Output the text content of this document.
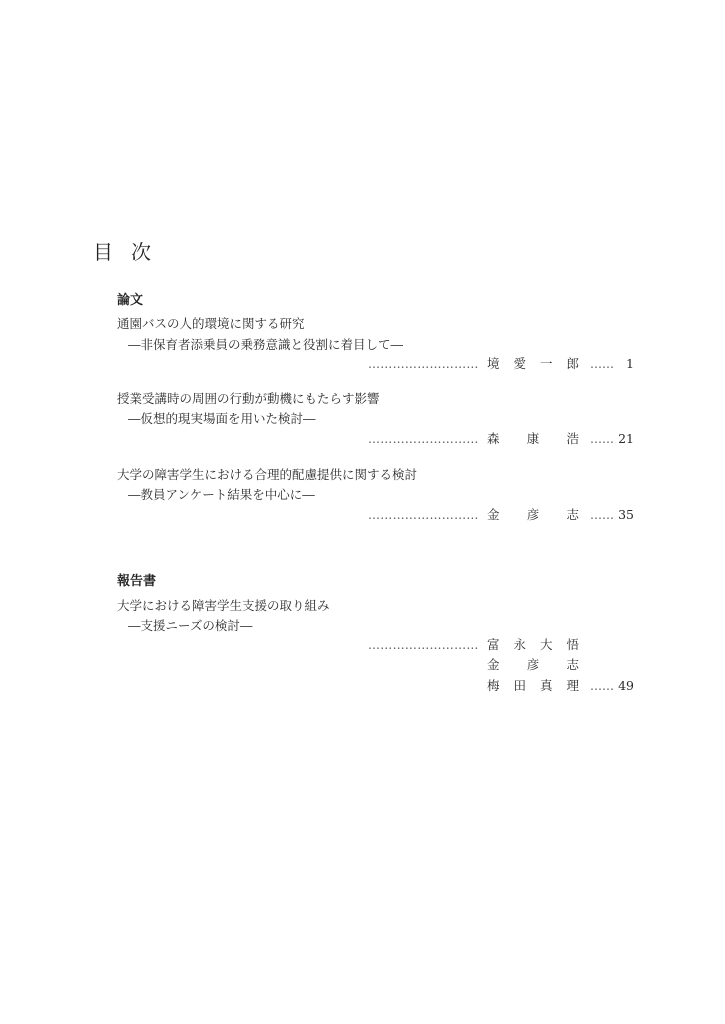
目次
論文
通園バスの人的環境に関する研究
―非保育者添乗員の乗務意識と役割に着目して―
……………………… 境 愛 一 郎 …… 1
授業受講時の周囲の行動が動機にもたらす影響
―仮想的現実場面を用いた検討―
……………………… 森 康 浩 …… 21
大学の障害学生における合理的配慮提供に関する検討
―教員アンケート結果を中心に―
……………………… 金 彦 志 …… 35
報告書
大学における障害学生支援の取り組み
―支援ニーズの検討―
……………………… 富 永 大 悟
金 彦 志
梅 田 真 理 …… 49
